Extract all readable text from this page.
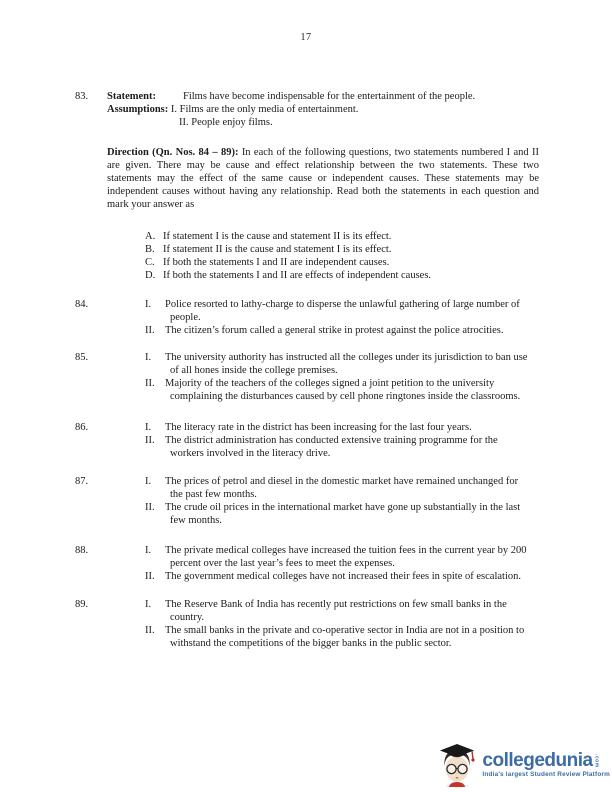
17
83.	Statement:	Films have become indispensable for the entertainment of the people.
Assumptions: I. Films are the only media of entertainment.
II. People enjoy films.
Direction (Qn. Nos. 84 – 89): In each of the following questions, two statements numbered I and II are given. There may be cause and effect relationship between the two statements. These two statements may the effect of the same cause or independent causes. These statements may be independent causes without having any relationship. Read both the statements in each question and mark your answer as
A. If statement I is the cause and statement II is its effect.
B. If statement II is the cause and statement I is its effect.
C. If both the statements I and II are independent causes.
D. If both the statements I and II are effects of independent causes.
84.	I.	Police resorted to lathy-charge to disperse the unlawful gathering of large number of
people.
II. The citizen’s forum called a general strike in protest against the police atrocities.
85.	I.	The university authority has instructed all the colleges under its jurisdiction to ban use
of all hones inside the college premises.
II. Majority of the teachers of the colleges signed a joint petition to the university
complaining the disturbances caused by cell phone ringtones inside the classrooms.
86.	I.	The literacy rate in the district has been increasing for the last four years.
II. The district administration has conducted extensive training programme for the
workers involved in the literacy drive.
87.	I.	The prices of petrol and diesel in the domestic market have remained unchanged for
the past few months.
II. The crude oil prices in the international market have gone up substantially in the last
few months.
88.	I.	The private medical colleges have increased the tuition fees in the current year by 200
percent over the last year’s fees to meet the expenses.
II. The government medical colleges have not increased their fees in spite of escalation.
89.	I.	The Reserve Bank of India has recently put restrictions on few small banks in the
country.
II. The small banks in the private and co-operative sector in India are not in a position to
withstand the competitions of the bigger banks in the public sector.
collegedunia .com
India's largest Student Review Platform
